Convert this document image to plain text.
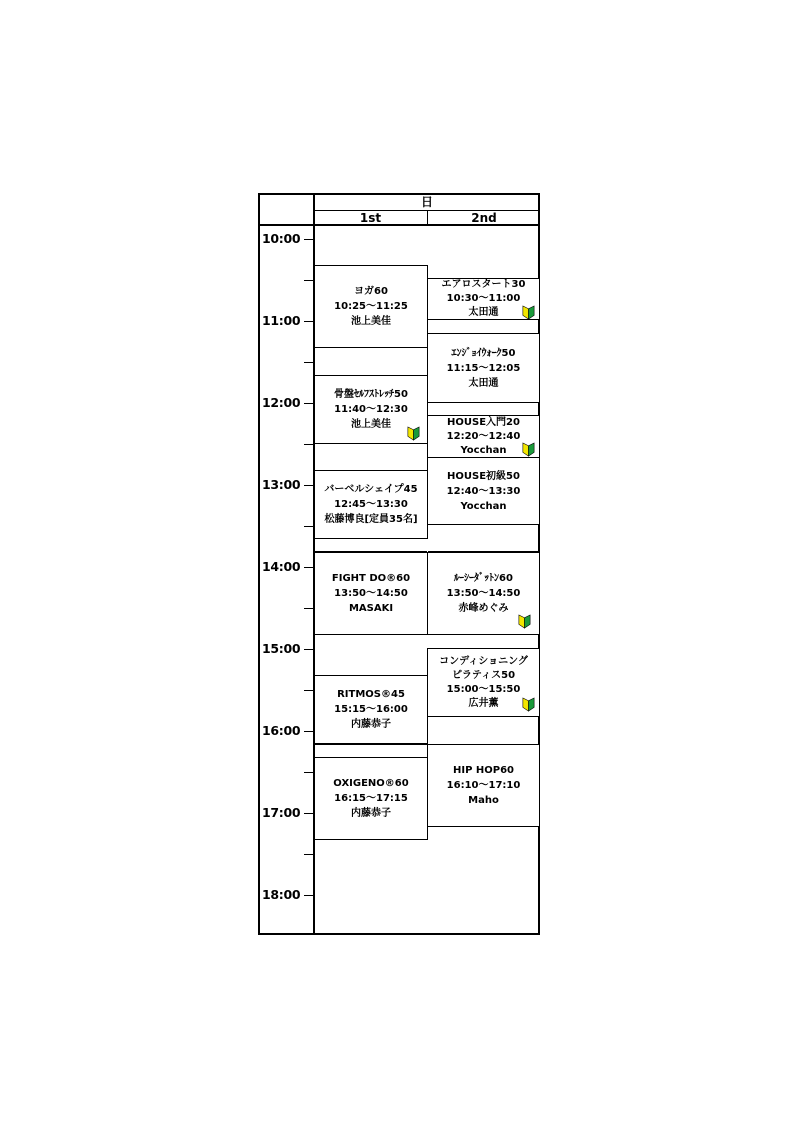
日
1st	2nd
10:00
11:00
12:00
13:00
14:00
15:00
16:00
17:00
18:00
ヨガ60
10:25～11:25
池上美佳
骨盤ｾﾙﾌｽﾄﾚｯﾁ50
11:40～12:30
池上美佳
バーベルシェイプ45
12:45～13:30
松藤博良[定員35名]
FIGHT DO®60
13:50～14:50
MASAKI
RITMOS®45
15:15～16:00
内藤恭子
OXIGENO®60
16:15～17:15
内藤恭子
エアロスタート30
10:30～11:00
太田通
ｴﾝｼﾞｮｲｳｫｰｸ50
11:15～12:05
太田通
HOUSE入門20
12:20～12:40
Yocchan
HOUSE初級50
12:40～13:30
Yocchan
ﾙｰｼｰﾀﾞｯﾄﾝ60
13:50～14:50
赤峰めぐみ
コンディショニング
ピラティス50
15:00～15:50
広井薫
HIP HOP60
16:10～17:10
Maho
